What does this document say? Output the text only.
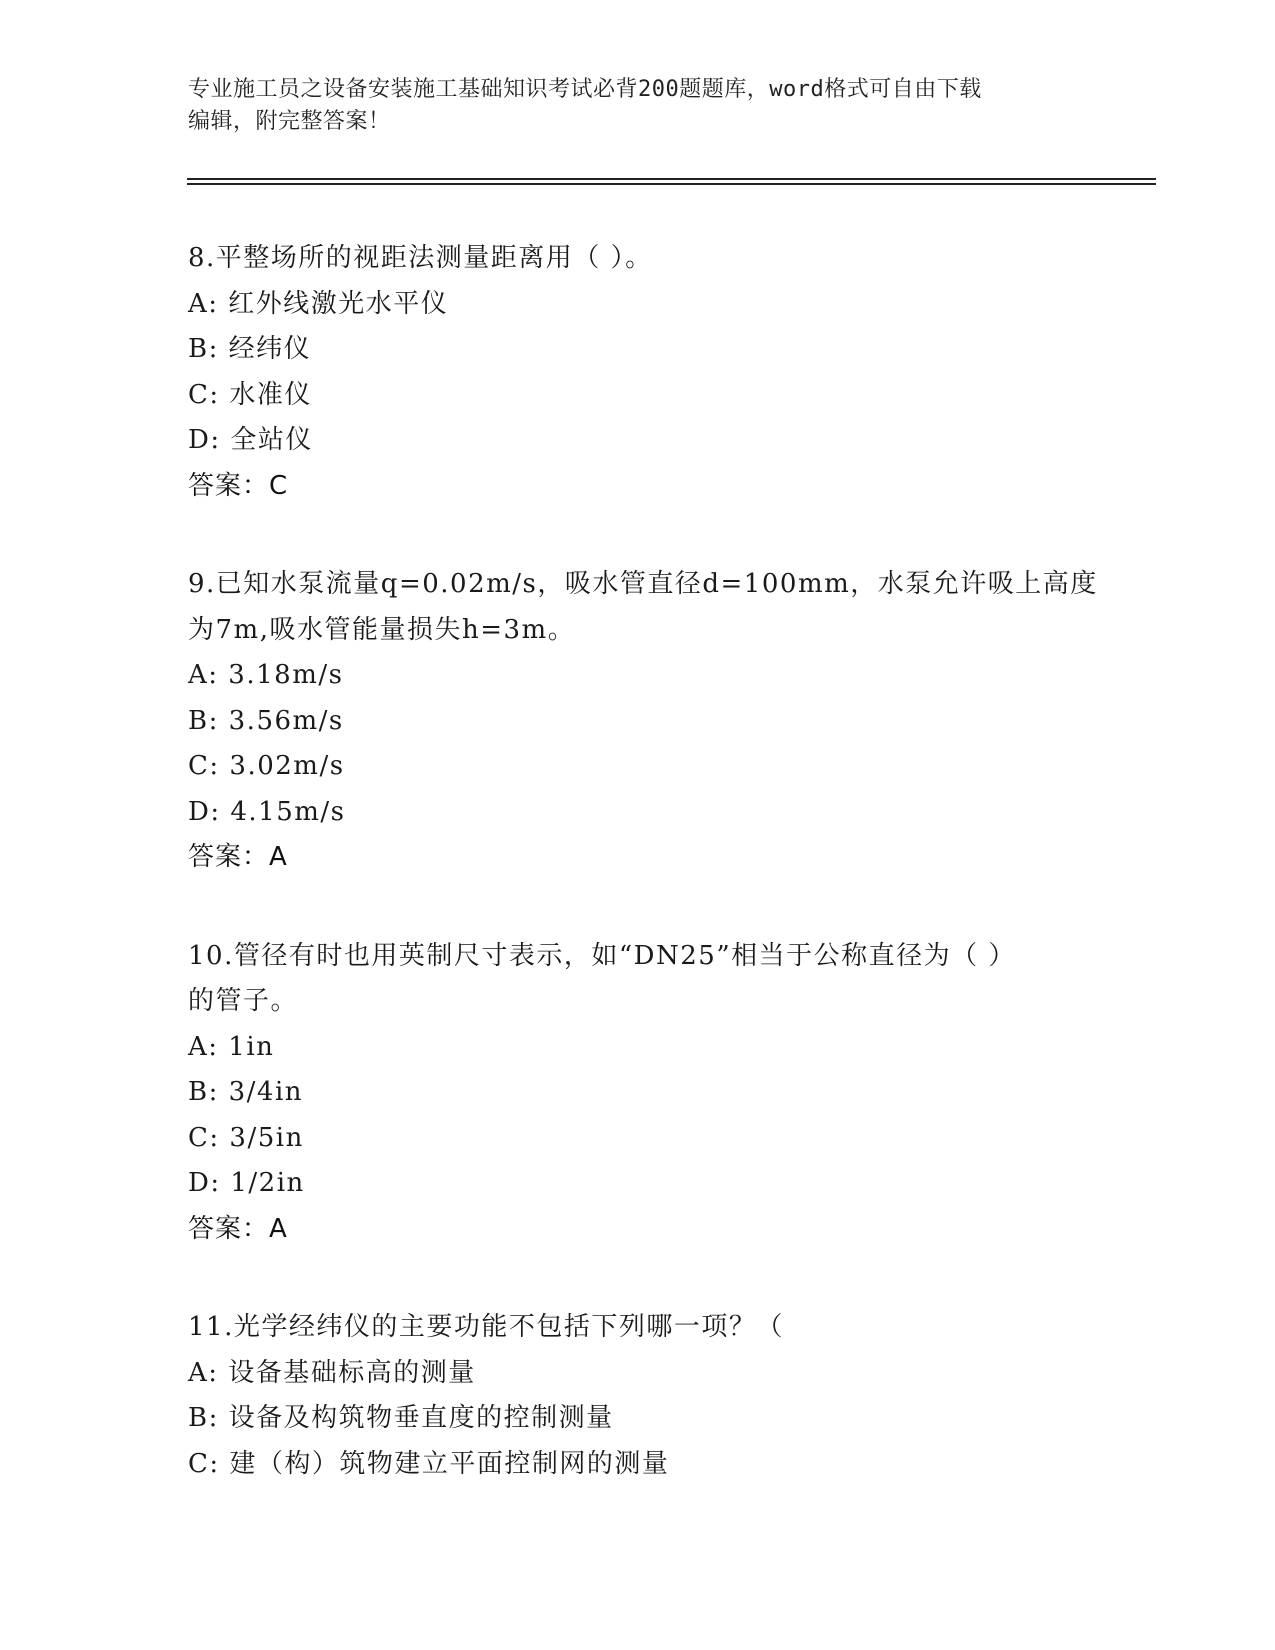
专业施工员之设备安装施工基础知识考试必背200题题库，word格式可自由下载
编辑，附完整答案！
8.平整场所的视距法测量距离用（ ）。
A: 红外线激光水平仪
B: 经纬仪
C: 水准仪
D: 全站仪
答案：C
9.已知水泵流量q=0.02m/s，吸水管直径d=100mm，水泵允许吸上高度
为7m,吸水管能量损失h=3m。
A: 3.18m/s
B: 3.56m/s
C: 3.02m/s
D: 4.15m/s
答案：A
10.管径有时也用英制尺寸表示，如“DN25”相当于公称直径为（ ）
的管子。
A: 1in
B: 3/4in
C: 3/5in
D: 1/2in
答案：A
11.光学经纬仪的主要功能不包括下列哪一项？（
A: 设备基础标高的测量
B: 设备及构筑物垂直度的控制测量
C: 建（构）筑物建立平面控制网的测量
